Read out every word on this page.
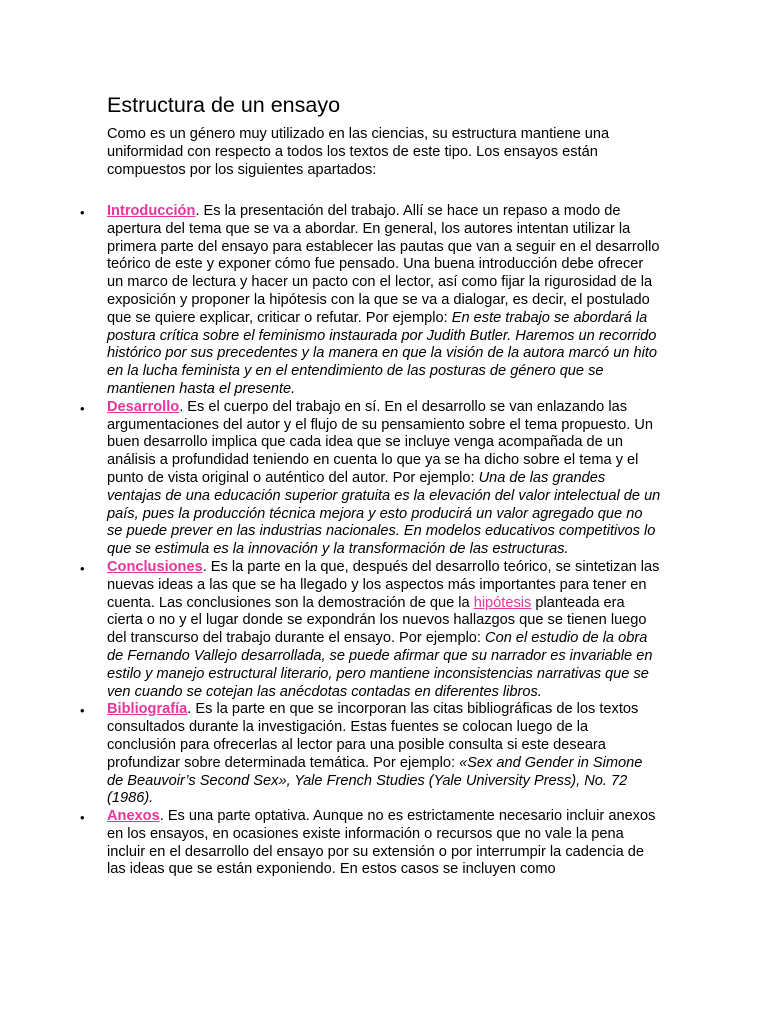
Estructura de un ensayo

Como es un género muy utilizado en las ciencias, su estructura mantiene una uniformidad con respecto a todos los textos de este tipo. Los ensayos están compuestos por los siguientes apartados:

• Introducción. Es la presentación del trabajo. Allí se hace un repaso a modo de apertura del tema que se va a abordar. En general, los autores intentan utilizar la primera parte del ensayo para establecer las pautas que van a seguir en el desarrollo teórico de este y exponer cómo fue pensado. Una buena introducción debe ofrecer un marco de lectura y hacer un pacto con el lector, así como fijar la rigurosidad de la exposición y proponer la hipótesis con la que se va a dialogar, es decir, el postulado que se quiere explicar, criticar o refutar. Por ejemplo: En este trabajo se abordará la postura crítica sobre el feminismo instaurada por Judith Butler. Haremos un recorrido histórico por sus precedentes y la manera en que la visión de la autora marcó un hito en la lucha feminista y en el entendimiento de las posturas de género que se mantienen hasta el presente.
• Desarrollo. Es el cuerpo del trabajo en sí. En el desarrollo se van enlazando las argumentaciones del autor y el flujo de su pensamiento sobre el tema propuesto. Un buen desarrollo implica que cada idea que se incluye venga acompañada de un análisis a profundidad teniendo en cuenta lo que ya se ha dicho sobre el tema y el punto de vista original o auténtico del autor. Por ejemplo: Una de las grandes ventajas de una educación superior gratuita es la elevación del valor intelectual de un país, pues la producción técnica mejora y esto producirá un valor agregado que no se puede prever en las industrias nacionales. En modelos educativos competitivos lo que se estimula es la innovación y la transformación de las estructuras.
• Conclusiones. Es la parte en la que, después del desarrollo teórico, se sintetizan las nuevas ideas a las que se ha llegado y los aspectos más importantes para tener en cuenta. Las conclusiones son la demostración de que la hipótesis planteada era cierta o no y el lugar donde se expondrán los nuevos hallazgos que se tienen luego del transcurso del trabajo durante el ensayo. Por ejemplo: Con el estudio de la obra de Fernando Vallejo desarrollada, se puede afirmar que su narrador es invariable en estilo y manejo estructural literario, pero mantiene inconsistencias narrativas que se ven cuando se cotejan las anécdotas contadas en diferentes libros.
• Bibliografía. Es la parte en que se incorporan las citas bibliográficas de los textos consultados durante la investigación. Estas fuentes se colocan luego de la conclusión para ofrecerlas al lector para una posible consulta si este deseara profundizar sobre determinada temática. Por ejemplo: «Sex and Gender in Simone de Beauvoir’s Second Sex», Yale French Studies (Yale University Press), No. 72 (1986).
• Anexos. Es una parte optativa. Aunque no es estrictamente necesario incluir anexos en los ensayos, en ocasiones existe información o recursos que no vale la pena incluir en el desarrollo del ensayo por su extensión o por interrumpir la cadencia de las ideas que se están exponiendo. En estos casos se incluyen como
